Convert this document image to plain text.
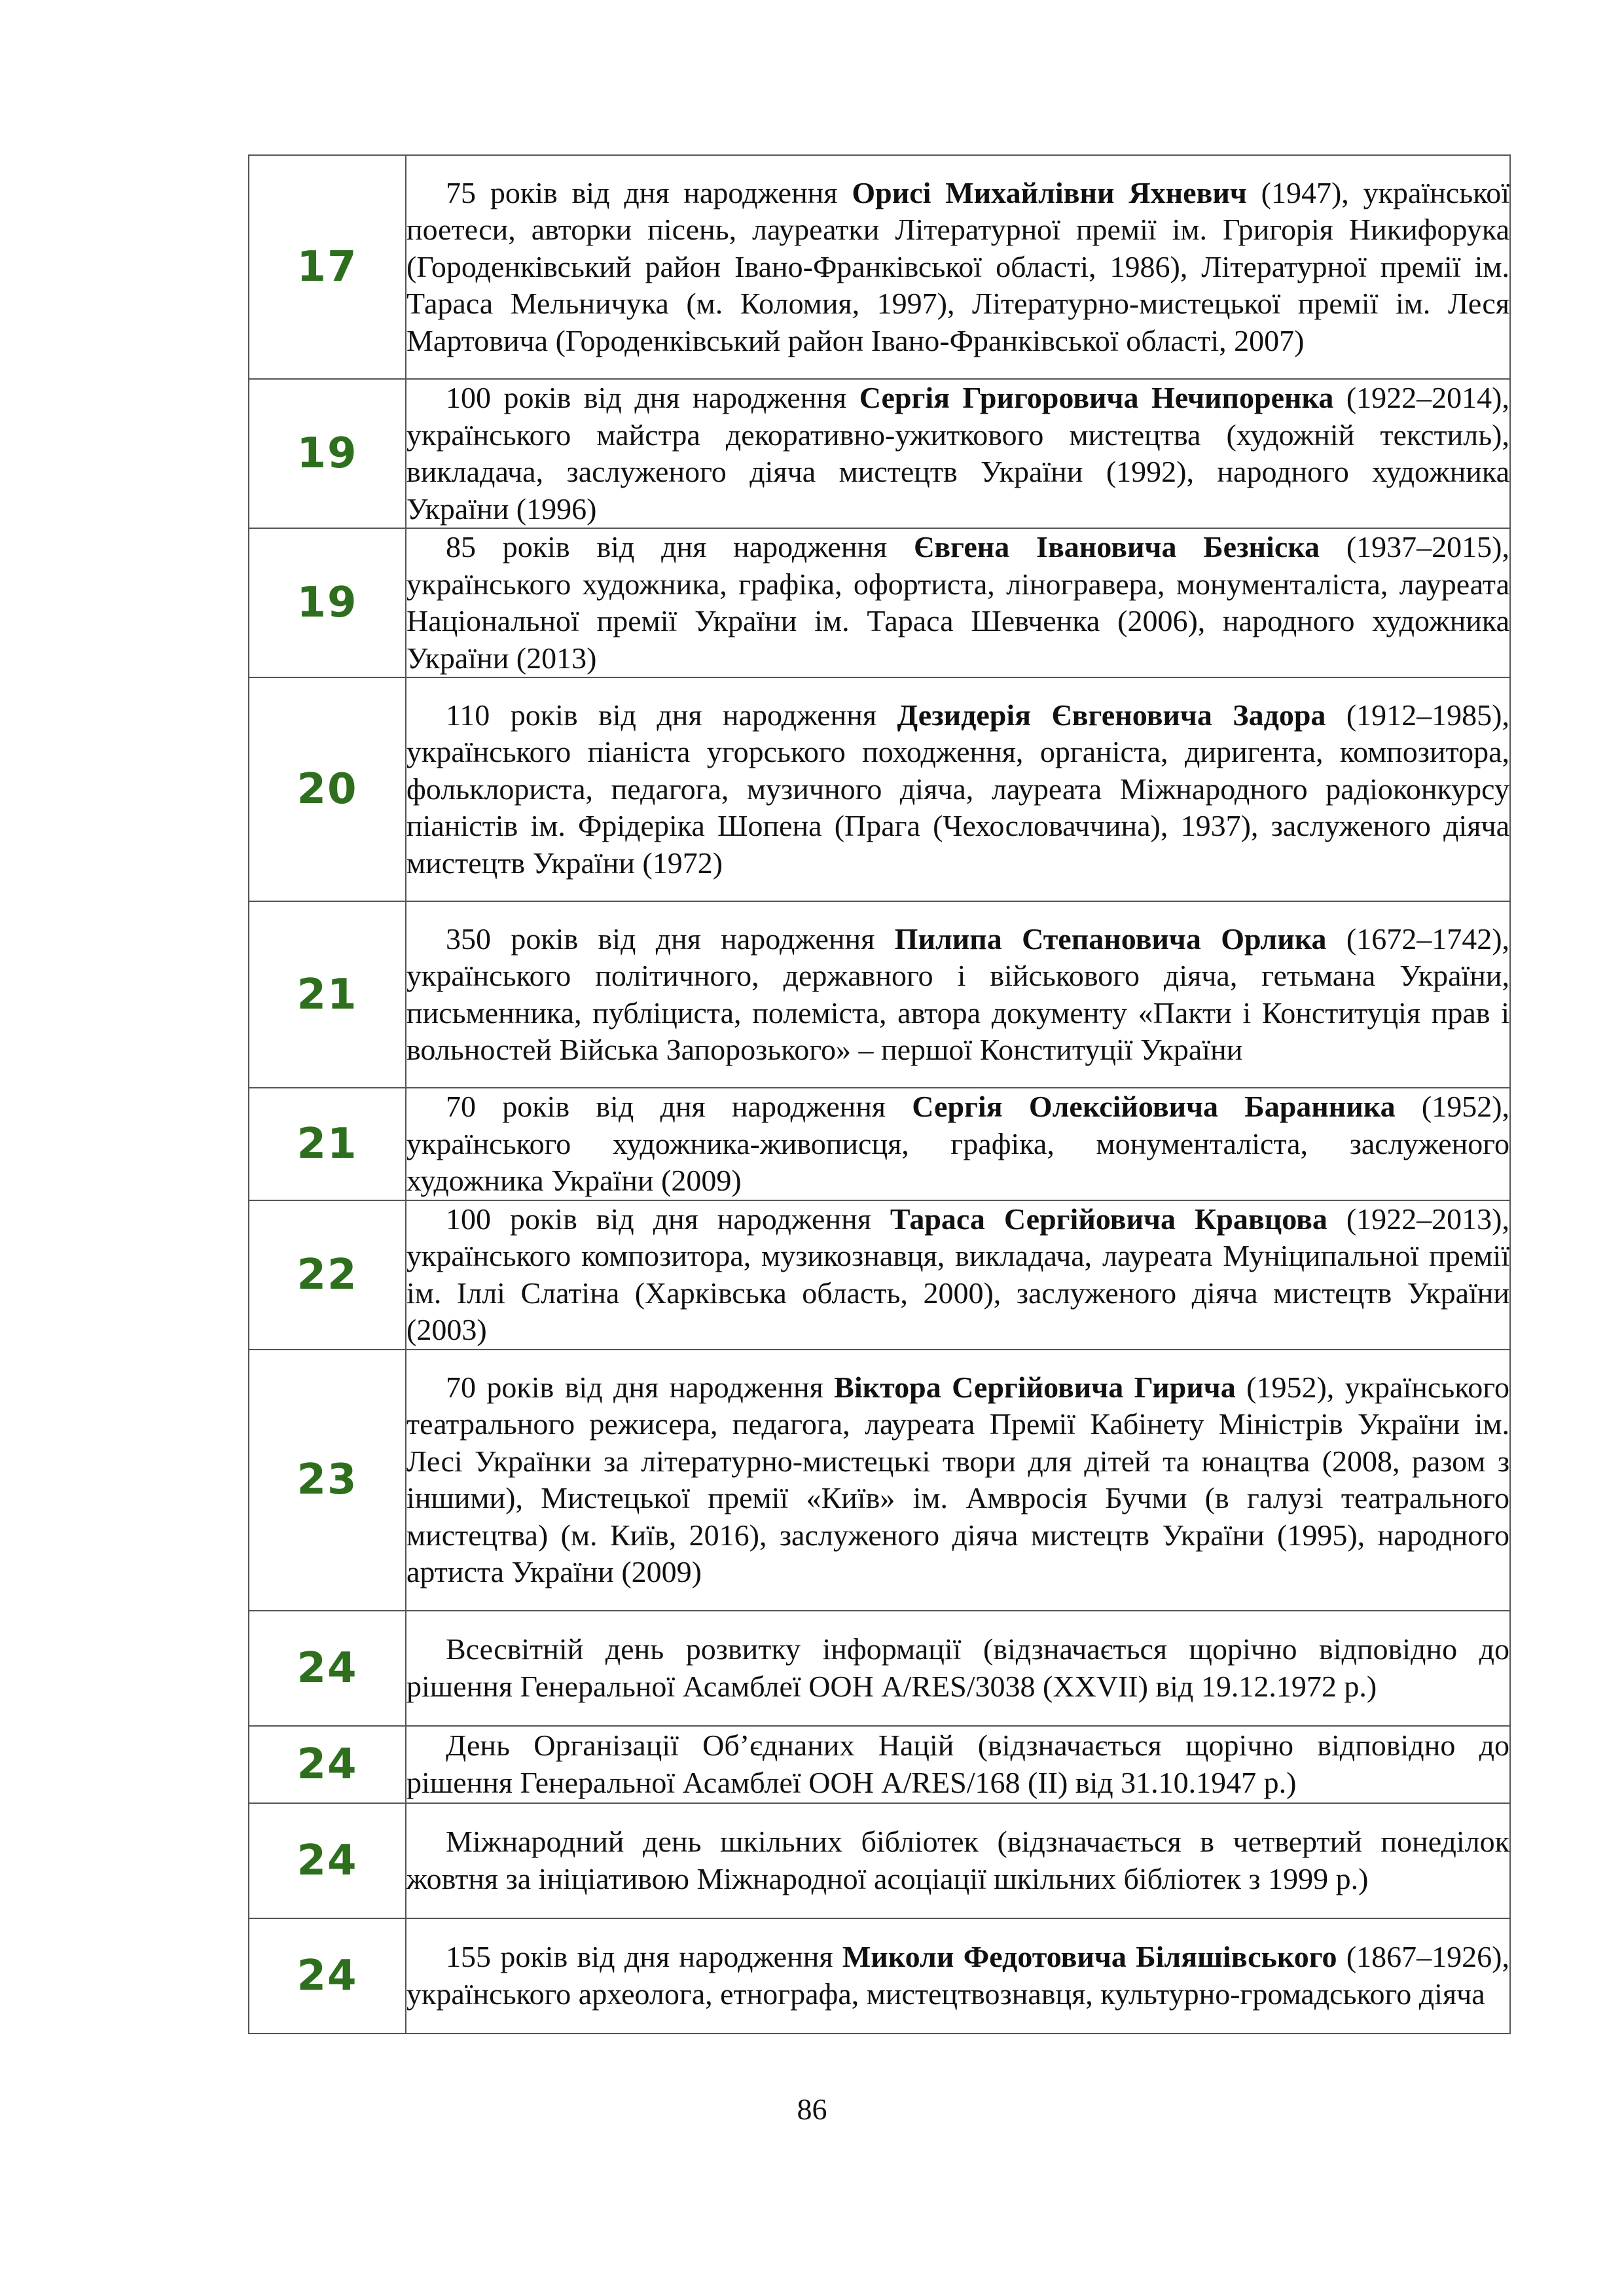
17	75 років від дня народження Орисі Михайлівни Яхневич (1947), української поетеси, авторки пісень, лауреатки Літературної премії ім. Григорія Никифорука (Городенківський район Івано-Франківської області, 1986), Літературної премії ім. Тараса Мельничука (м. Коломия, 1997), Літературно-мистецької премії ім. Леся Мартовича (Городенківський район Івано-Франківської області, 2007)
19	100 років від дня народження Сергія Григоровича Нечипоренка (1922–2014), українського майстра декоративно-ужиткового мистецтва (художній текстиль), викладача, заслуженого діяча мистецтв України (1992), народного художника України (1996)
19	85 років від дня народження Євгена Івановича Безніска (1937–2015), українського художника, графіка, офортиста, ліногравера, монументаліста, лауреата Національної премії України ім. Тараса Шевченка (2006), народного художника України (2013)
20	110 років від дня народження Дезидерія Євгеновича Задора (1912–1985), українського піаніста угорського походження, органіста, диригента, композитора, фольклориста, педагога, музичного діяча, лауреата Міжнародного радіоконкурсу піаністів ім. Фрідеріка Шопена (Прага (Чехословаччина), 1937), заслуженого діяча мистецтв України (1972)
21	350 років від дня народження Пилипа Степановича Орлика (1672–1742), українського політичного, державного і військового діяча, гетьмана України, письменника, публіциста, полеміста, автора документу «Пакти і Конституція прав і вольностей Війська Запорозького» – першої Конституції України
21	70 років від дня народження Сергія Олексійовича Баранника (1952), українського художника-живописця, графіка, монументаліста, заслуженого художника України (2009)
22	100 років від дня народження Тараса Сергійовича Кравцова (1922–2013), українського композитора, музикознавця, викладача, лауреата Муніципальної премії ім. Іллі Слатіна (Харківська область, 2000), заслуженого діяча мистецтв України (2003)
23	70 років від дня народження Віктора Сергійовича Гирича (1952), українського театрального режисера, педагога, лауреата Премії Кабінету Міністрів України ім. Лесі Українки за літературно-мистецькі твори для дітей та юнацтва (2008, разом з іншими), Мистецької премії «Київ» ім. Амвросія Бучми (в галузі театрального мистецтва) (м. Київ, 2016), заслуженого діяча мистецтв України (1995), народного артиста України (2009)
24	Всесвітній день розвитку інформації (відзначається щорічно відповідно до рішення Генеральної Асамблеї ООН A/RES/3038 (XXVII) від 19.12.1972 р.)
24	День Організації Об’єднаних Націй (відзначається щорічно відповідно до рішення Генеральної Асамблеї ООН A/RES/168 (II) від 31.10.1947 р.)
24	Міжнародний день шкільних бібліотек (відзначається в четвертий понеділок жовтня за ініціативою Міжнародної асоціації шкільних бібліотек з 1999 р.)
24	155 років від дня народження Миколи Федотовича Біляшівського (1867–1926), українського археолога, етнографа, мистецтвознавця, культурно-громадського діяча
86
